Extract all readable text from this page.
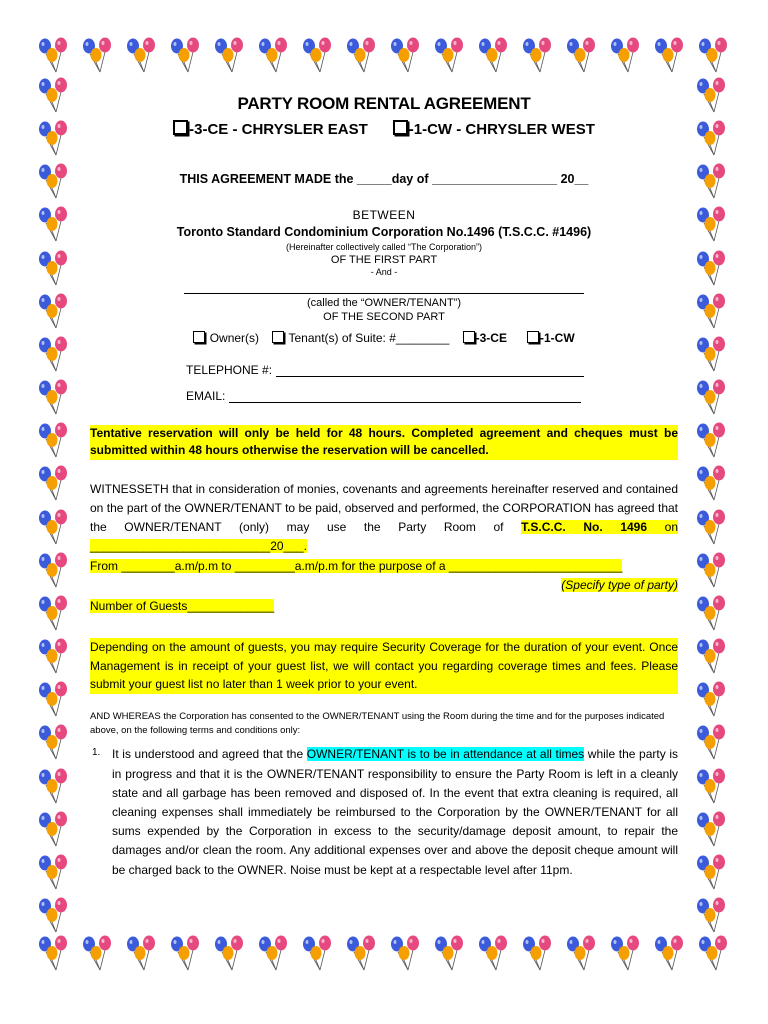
PARTY ROOM RENTAL AGREEMENT
-3-CE - CHRYSLER EAST	-1-CW - CHRYSLER WEST
THIS AGREEMENT MADE the _____day of __________________ 20__
BETWEEN
Toronto Standard Condominium Corporation No.1496 (T.S.C.C. #1496)
(Hereinafter collectively called “The Corporation”)
OF THE FIRST PART
- And -
(called the “OWNER/TENANT”)
OF THE SECOND PART
Owner(s) Tenant(s) of Suite: #________ -3-CE	-1-CW
TELEPHONE #:
EMAIL:
Tentative reservation will only be held for 48 hours. Completed agreement and cheques must be submitted within 48 hours otherwise the reservation will be cancelled.
WITNESSETH that in consideration of monies, covenants and agreements hereinafter reserved and contained on the part of the OWNER/TENANT to be paid, observed and performed, the CORPORATION has agreed that the OWNER/TENANT (only) may use the Party Room of T.S.C.C. No. 1496 on ___________________________20___.
From ________a.m/p.m to _________a.m/p.m for the purpose of a __________________________
(Specify type of party)
Number of Guests_____________
Depending on the amount of guests, you may require Security Coverage for the duration of your event. Once Management is in receipt of your guest list, we will contact you regarding coverage times and fees. Please submit your guest list no later than 1 week prior to your event.
AND WHEREAS the Corporation has consented to the OWNER/TENANT using the Room during the time and for the purposes indicated above, on the following terms and conditions only:
1. It is understood and agreed that the OWNER/TENANT is to be in attendance at all times while the party is in progress and that it is the OWNER/TENANT responsibility to ensure the Party Room is left in a cleanly state and all garbage has been removed and disposed of. In the event that extra cleaning is required, all cleaning expenses shall immediately be reimbursed to the Corporation by the OWNER/TENANT for all sums expended by the Corporation in excess to the security/damage deposit amount, to repair the damages and/or clean the room. Any additional expenses over and above the deposit cheque amount will be charged back to the OWNER. Noise must be kept at a respectable level after 11pm.
